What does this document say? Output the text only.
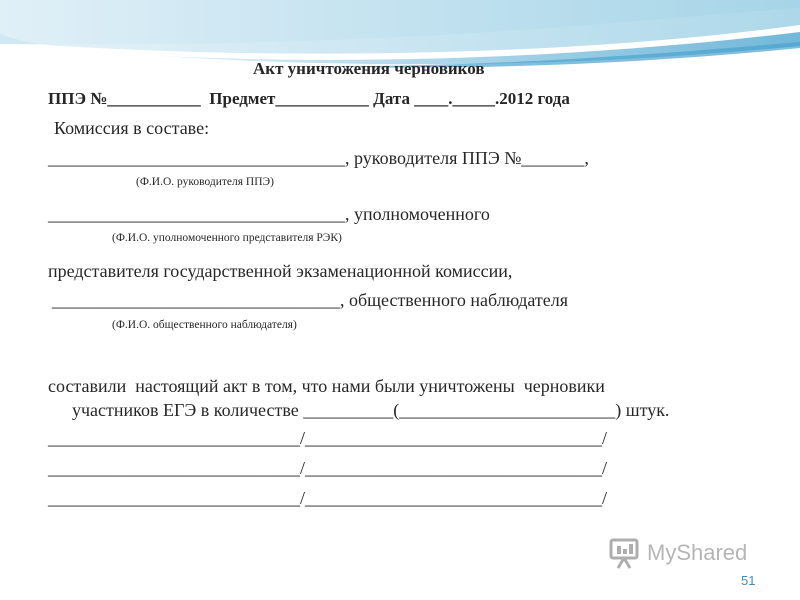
Акт уничтожения черновиков
ППЭ №___________  Предмет___________ Дата ____._____.2012 года
Комиссия в составе:
_________________________________, руководителя ППЭ №_______,
(Ф.И.О. руководителя ППЭ)
_________________________________, уполномоченного
(Ф.И.О. уполномоченного представителя РЭК)
представителя государственной экзаменационной комиссии,
________________________________, общественного наблюдателя
(Ф.И.О. общественного наблюдателя)
составили  настоящий акт в том, что нами были уничтожены  черновики
участников ЕГЭ в количестве __________(________________________) штук.
____________________________/_________________________________/
____________________________/_________________________________/
____________________________/_________________________________/
MyShared
51
